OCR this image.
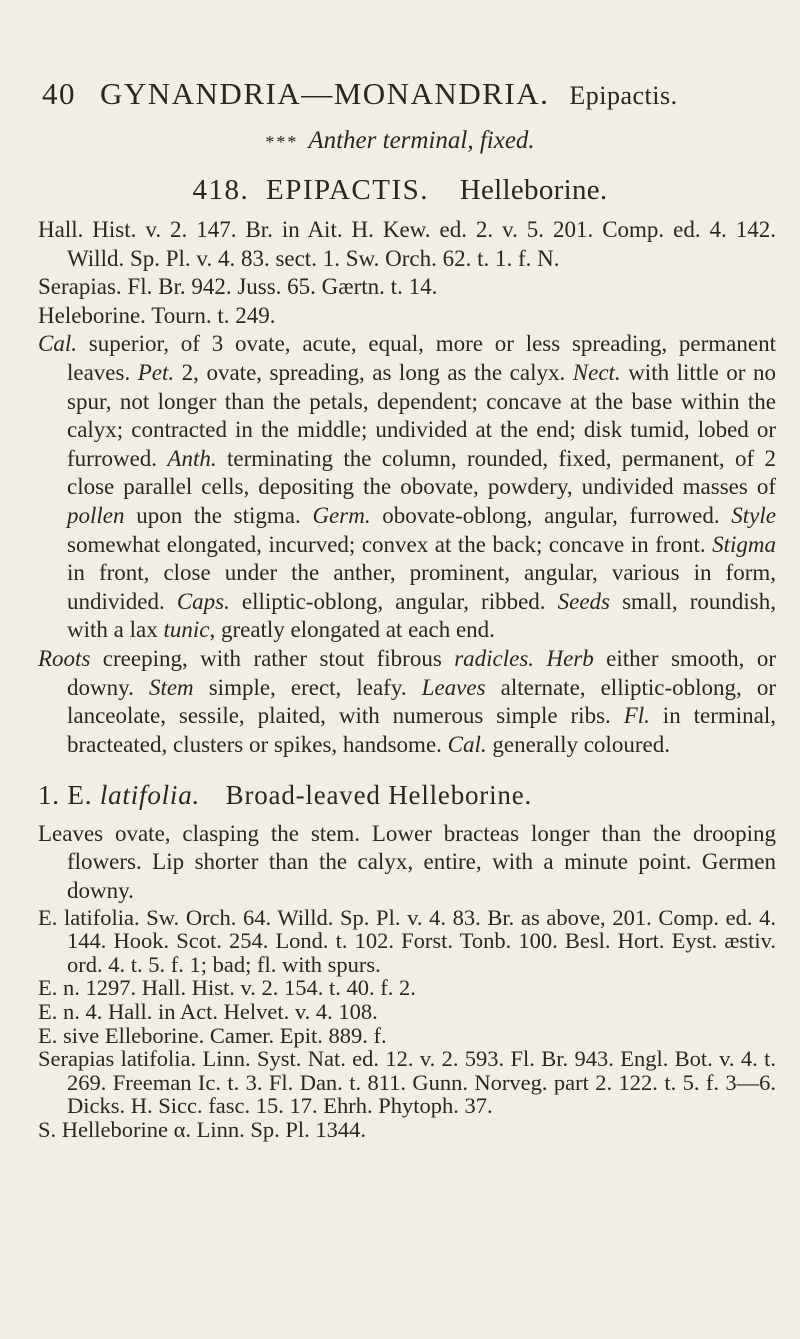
40 GYNANDRIA—MONANDRIA. Epipactis.
*** Anther terminal, fixed.
418. EPIPACTIS. Helleborine.

Hall. Hist. v. 2. 147. Br. in Ait. H. Kew. ed. 2. v. 5. 201. Comp. ed. 4. 142. Willd. Sp. Pl. v. 4. 83. sect. 1. Sw. Orch. 62. t. 1. f. N.

Serapias. Fl. Br. 942. Juss. 65. Gærtn. t. 14.

Heleborine. Tourn. t. 249.

Cal. superior, of 3 ovate, acute, equal, more or less spreading, permanent leaves. Pet. 2, ovate, spreading, as long as the calyx. Nect. with little or no spur, not longer than the petals, dependent; concave at the base within the calyx; contracted in the middle; undivided at the end; disk tumid, lobed or furrowed. Anth. terminating the column, rounded, fixed, permanent, of 2 close parallel cells, depositing the obovate, powdery, undivided masses of pollen upon the stigma. Germ. obovate-oblong, angular, furrowed. Style somewhat elongated, incurved; convex at the back; concave in front. Stigma in front, close under the anther, prominent, angular, various in form, undivided. Caps. elliptic-oblong, angular, ribbed. Seeds small, roundish, with a lax tunic, greatly elongated at each end.

Roots creeping, with rather stout fibrous radicles. Herb either smooth, or downy. Stem simple, erect, leafy. Leaves alternate, elliptic-oblong, or lanceolate, sessile, plaited, with numerous simple ribs. Fl. in terminal, bracteated, clusters or spikes, handsome. Cal. generally coloured.

1. E. latifolia. Broad-leaved Helleborine.

Leaves ovate, clasping the stem. Lower bracteas longer than the drooping flowers. Lip shorter than the calyx, entire, with a minute point. Germen downy.

E. latifolia. Sw. Orch. 64. Willd. Sp. Pl. v. 4. 83. Br. as above, 201. Comp. ed. 4. 144. Hook. Scot. 254. Lond. t. 102. Forst. Tonb. 100. Besl. Hort. Eyst. æstiv. ord. 4. t. 5. f. 1; bad; fl. with spurs.

E. n. 1297. Hall. Hist. v. 2. 154. t. 40. f. 2.

E. n. 4. Hall. in Act. Helvet. v. 4. 108.

E. sive Elleborine. Camer. Epit. 889. f.

Serapias latifolia. Linn. Syst. Nat. ed. 12. v. 2. 593. Fl. Br. 943. Engl. Bot. v. 4. t. 269. Freeman Ic. t. 3. Fl. Dan. t. 811. Gunn. Norveg. part 2. 122. t. 5. f. 3—6. Dicks. H. Sicc. fasc. 15. 17. Ehrh. Phytoph. 37.

S. Helleborine α. Linn. Sp. Pl. 1344.
